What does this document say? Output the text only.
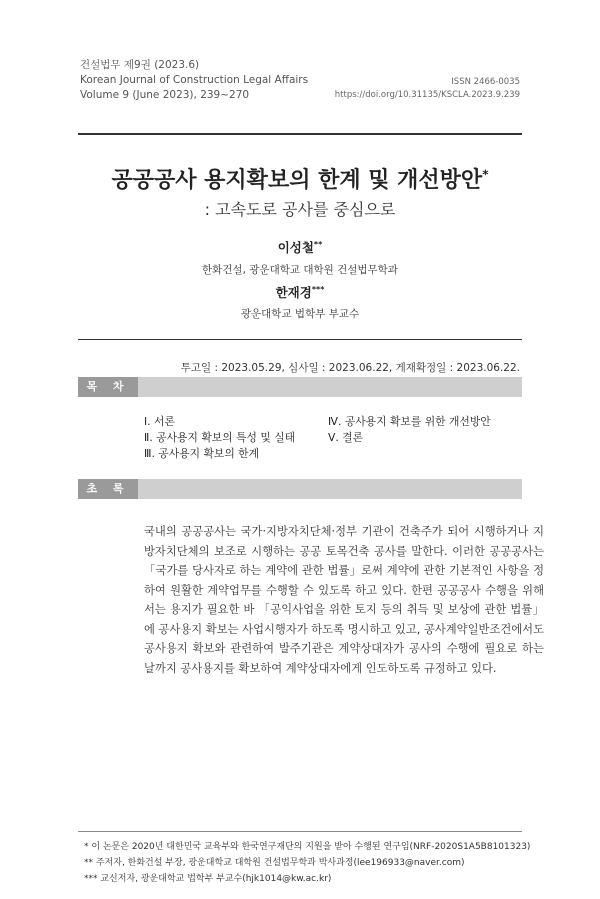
건설법무 제9권 (2023.6)
Korean Journal of Construction Legal Affairs
Volume 9 (June 2023), 239~270
ISSN 2466-0035
https://doi.org/10.31135/KSCLA.2023.9.239
공공공사 용지확보의 한계 및 개선방안*
: 고속도로 공사를 중심으로
이성철**
한화건설, 광운대학교 대학원 건설법무학과
한재경***
광운대학교 법학부 부교수
투고일 : 2023.05.29, 심사일 : 2023.06.22, 게재확정일 : 2023.06.22.
목 차
Ⅰ. 서론
Ⅱ. 공사용지 확보의 특성 및 실태
Ⅲ. 공사용지 확보의 한계
Ⅳ. 공사용지 확보를 위한 개선방안
Ⅴ. 결론
초 록

국내의 공공공사는 국가·지방자치단체·정부 기관이 건축주가 되어 시행하거나 지방자치단체의 보조로 시행하는 공공 토목건축 공사를 말한다. 이러한 공공공사는 「국가를 당사자로 하는 계약에 관한 법률」로써 계약에 관한 기본적인 사항을 정하여 원활한 계약업무를 수행할 수 있도록 하고 있다. 한편 공공공사 수행을 위해서는 용지가 필요한 바 「공익사업을 위한 토지 등의 취득 및 보상에 관한 법률」에 공사용지 확보는 사업시행자가 하도록 명시하고 있고, 공사계약일반조건에서도 공사용지 확보와 관련하여 발주기관은 계약상대자가 공사의 수행에 필요로 하는 날까지 공사용지를 확보하여 계약상대자에게 인도하도록 규정하고 있다.

* 이 논문은 2020년 대한민국 교육부와 한국연구재단의 지원을 받아 수행된 연구임(NRF-2020S1A5B8101323)
** 주저자, 한화건설 부장, 광운대학교 대학원 건설법무학과 박사과정(lee196933@naver.com)
*** 교신저자, 광운대학교 법학부 부교수(hjk1014@kw.ac.kr)
